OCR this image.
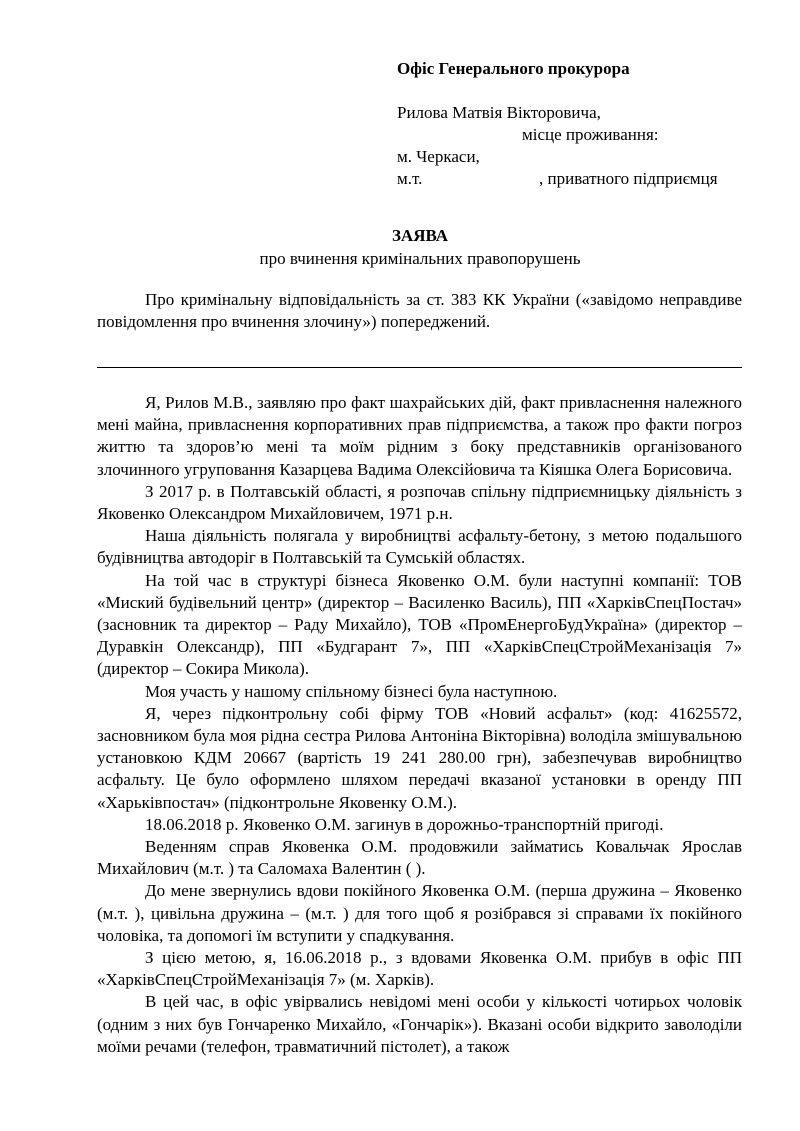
Офіс Генерального прокурора
Рилова Матвія Вікторовича,
місце проживання:
м. Черкаси,
м.т.	, приватного підприємця
ЗАЯВА
про вчинення кримінальних правопорушень

Про кримінальну відповідальність за ст. 383 КК України («завідомо неправдиве повідомлення про вчинення злочину») попереджений.

Я, Рилов М.В., заявляю про факт шахрайських дій, факт привласнення належного мені майна, привласнення корпоративних прав підприємства, а також про факти погроз життю та здоров’ю мені та моїм рідним з боку представників організованого злочинного угруповання Казарцева Вадима Олексійовича та Кіяшка Олега Борисовича.

З 2017 р. в Полтавській області, я розпочав спільну підприємницьку діяльність з Яковенко Олександром Михайловичем, 1971 р.н.

Наша діяльність полягала у виробництві асфальту-бетону, з метою подальшого будівництва автодоріг в Полтавській та Сумській областях.

На той час в структурі бізнеса Яковенко О.М. були наступні компанії: ТОВ «Миский будівельний центр» (директор – Василенко Василь), ПП «ХарківСпецПостач» (засновник та директор – Раду Михайло), ТОВ «ПромЕнергоБудУкраїна» (директор – Дуравкін Олександр), ПП «Будгарант 7», ПП «ХарківСпецСтройМеханізація 7» (директор – Сокира Микола).

Моя участь у нашому спільному бізнесі була наступною.

Я, через підконтрольну собі фірму ТОВ «Новий асфальт» (код: 41625572, засновником була моя рідна сестра Рилова Антоніна Вікторівна) володіла змішувальною установкою КДМ 20667 (вартість 19 241 280.00 грн), забезпечував виробництво асфальту. Це було оформлено шляхом передачі вказаної установки в оренду ПП «Харьківпостач» (підконтрольне Яковенку О.М.).

18.06.2018 р. Яковенко О.М. загинув в дорожньо-транспортній пригоді.

Веденням справ Яковенка О.М. продовжили займатись Ковальчак Ярослав Михайлович (м.т. ) та Саломаха Валентин ( ).

До мене звернулись вдови покійного Яковенка О.М. (перша дружина – Яковенко (м.т. ), цивільна дружина – (м.т. ) для того щоб я розібрався зі справами їх покійного чоловіка, та допомогі їм вступити у спадкування.

З цією метою, я, 16.06.2018 р., з вдовами Яковенка О.М. прибув в офіс ПП «ХарківСпецСтройМеханізація 7» (м. Харків).

В цей час, в офіс увірвались невідомі мені особи у кількості чотирьох чоловік (одним з них був Гончаренко Михайло, «Гончарік»). Вказані особи відкрито заволоділи моїми речами (телефон, травматичний пістолет), а також
